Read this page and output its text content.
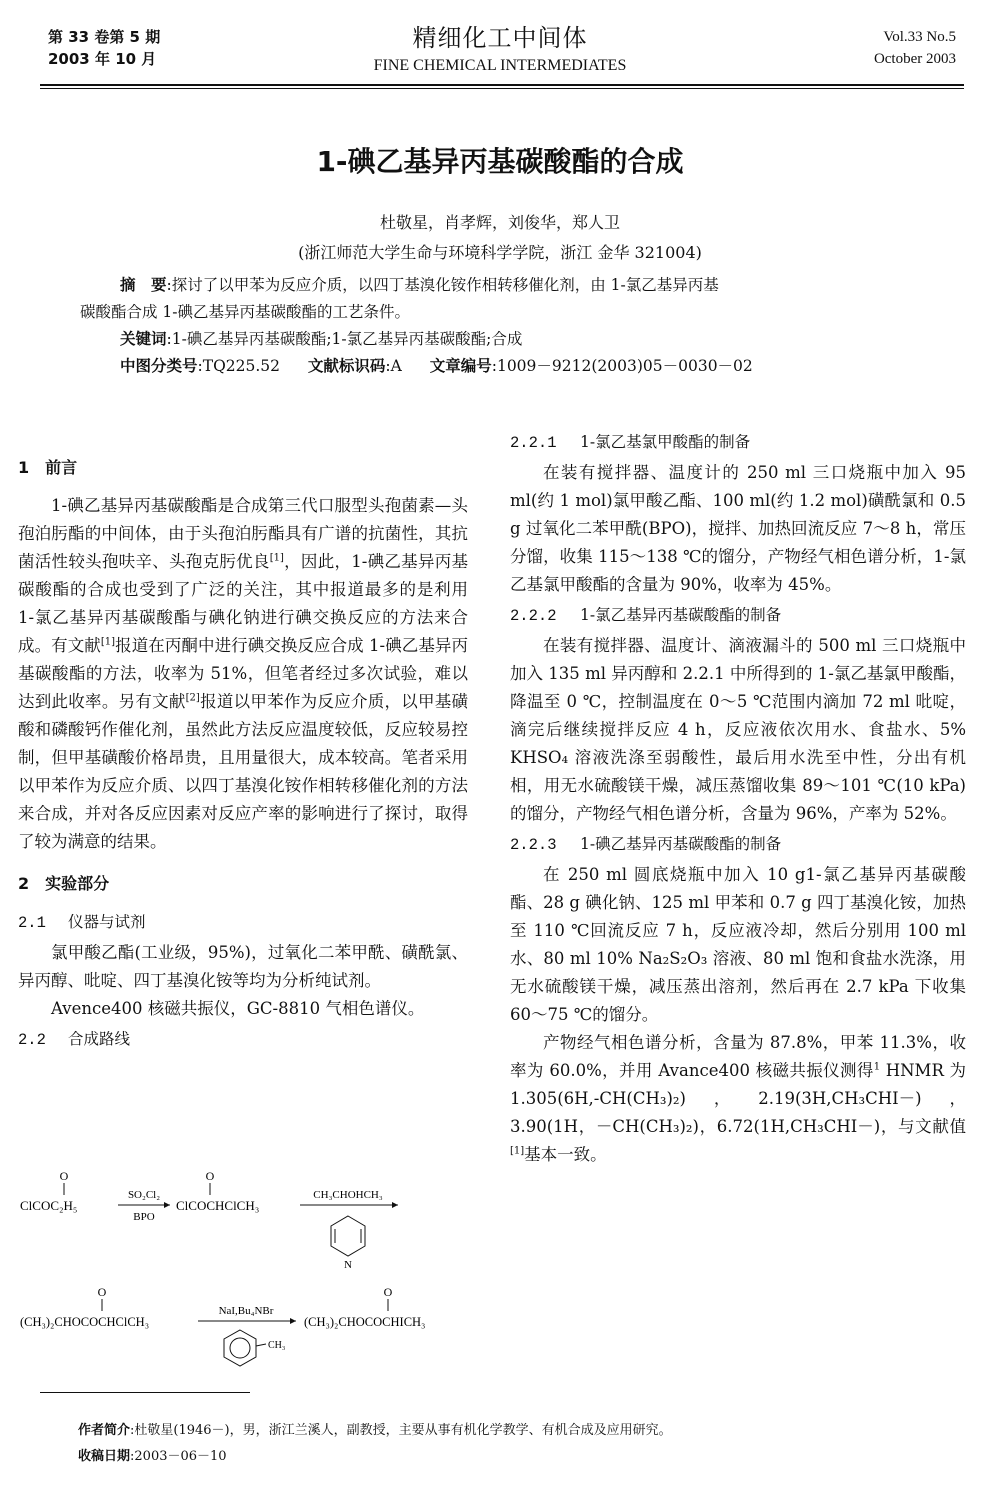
第 33 卷第 5 期
2003 年 10 月
精细化工中间体
FINE CHEMICAL INTERMEDIATES
Vol.33 No.5
October 2003
1-碘乙基异丙基碳酸酯的合成
杜敬星，肖孝辉，刘俊华，郑人卫
(浙江师范大学生命与环境科学学院，浙江 金华 321004)

摘　要:探讨了以甲苯为反应介质，以四丁基溴化铵作相转移催化剂，由 1-氯乙基异丙基

碳酸酯合成 1-碘乙基异丙基碳酸酯的工艺条件。

关键词:1-碘乙基异丙基碳酸酯;1-氯乙基异丙基碳酸酯;合成

中图分类号:TQ225.52 文献标识码:A 文章编号:1009－9212(2003)05－0030－02

1　前言

1-碘乙基异丙基碳酸酯是合成第三代口服型头孢菌素—头孢泊肟酯的中间体，由于头孢泊肟酯具有广谱的抗菌性，其抗菌活性较头孢呋辛、头孢克肟优良[1]，因此，1-碘乙基异丙基碳酸酯的合成也受到了广泛的关注，其中报道最多的是利用 1-氯乙基异丙基碳酸酯与碘化钠进行碘交换反应的方法来合成。有文献[1]报道在丙酮中进行碘交换反应合成 1-碘乙基异丙基碳酸酯的方法，收率为 51%，但笔者经过多次试验，难以达到此收率。另有文献[2]报道以甲苯作为反应介质，以甲基磺酸和磷酸钙作催化剂，虽然此方法反应温度较低，反应较易控制，但甲基磺酸价格昂贵，且用量很大，成本较高。笔者采用以甲苯作为反应介质、以四丁基溴化铵作相转移催化剂的方法来合成，并对各反应因素对反应产率的影响进行了探讨，取得了较为满意的结果。

2　实验部分

2.1 仪器与试剂

氯甲酸乙酯(工业级，95%)，过氧化二苯甲酰、磺酰氯、异丙醇、吡啶、四丁基溴化铵等均为分析纯试剂。

Avence400 核磁共振仪，GC-8810 气相色谱仪。

2.2 合成路线

O
ClCOC₂H₅
SO₂Cl₂
BPO
O
ClCOCHClCH₃
CH₃CHOHCH₃
N
O
(CH₃)₂CHOCOCHClCH₃
NaI,Bu₄NBr
CH₃
O
(CH₃)₂CHOCOCHICH₃

2.2.1 1-氯乙基氯甲酸酯的制备

在装有搅拌器、温度计的 250 ml 三口烧瓶中加入 95 ml(约 1 mol)氯甲酸乙酯、100 ml(约 1.2 mol)磺酰氯和 0.5 g 过氧化二苯甲酰(BPO)，搅拌、加热回流反应 7～8 h，常压分馏，收集 115～138 ℃的馏分，产物经气相色谱分析，1-氯乙基氯甲酸酯的含量为 90%，收率为 45%。

2.2.2 1-氯乙基异丙基碳酸酯的制备

在装有搅拌器、温度计、滴液漏斗的 500 ml 三口烧瓶中加入 135 ml 异丙醇和 2.2.1 中所得到的 1-氯乙基氯甲酸酯，降温至 0 ℃，控制温度在 0～5 ℃范围内滴加 72 ml 吡啶，滴完后继续搅拌反应 4 h，反应液依次用水、食盐水、5% KHSO₄ 溶液洗涤至弱酸性，最后用水洗至中性，分出有机相，用无水硫酸镁干燥，减压蒸馏收集 89～101 ℃(10 kPa)的馏分，产物经气相色谱分析，含量为 96%，产率为 52%。

2.2.3 1-碘乙基异丙基碳酸酯的制备

在 250 ml 圆底烧瓶中加入 10 g1-氯乙基异丙基碳酸酯、28 g 碘化钠、125 ml 甲苯和 0.7 g 四丁基溴化铵，加热至 110 ℃回流反应 7 h，反应液冷却，然后分别用 100 ml 水、80 ml 10% Na₂S₂O₃ 溶液、80 ml 饱和食盐水洗涤，用无水硫酸镁干燥，减压蒸出溶剂，然后再在 2.7 kPa 下收集 60～75 ℃的馏分。

产物经气相色谱分析，含量为 87.8%，甲苯 11.3%，收率为 60.0%，并用 Avance400 核磁共振仪测得$^1$ HNMR 为 1.305(6H,-CH(CH₃)₂)，2.19(3H,CH₃CHI－)，3.90(1H，－CH(CH₃)₂)，6.72(1H,CH₃CHI－)，与文献值[1]基本一致。

作者简介:杜敬星(1946－)，男，浙江兰溪人，副教授，主要从事有机化学教学、有机合成及应用研究。
收稿日期:2003－06－10
